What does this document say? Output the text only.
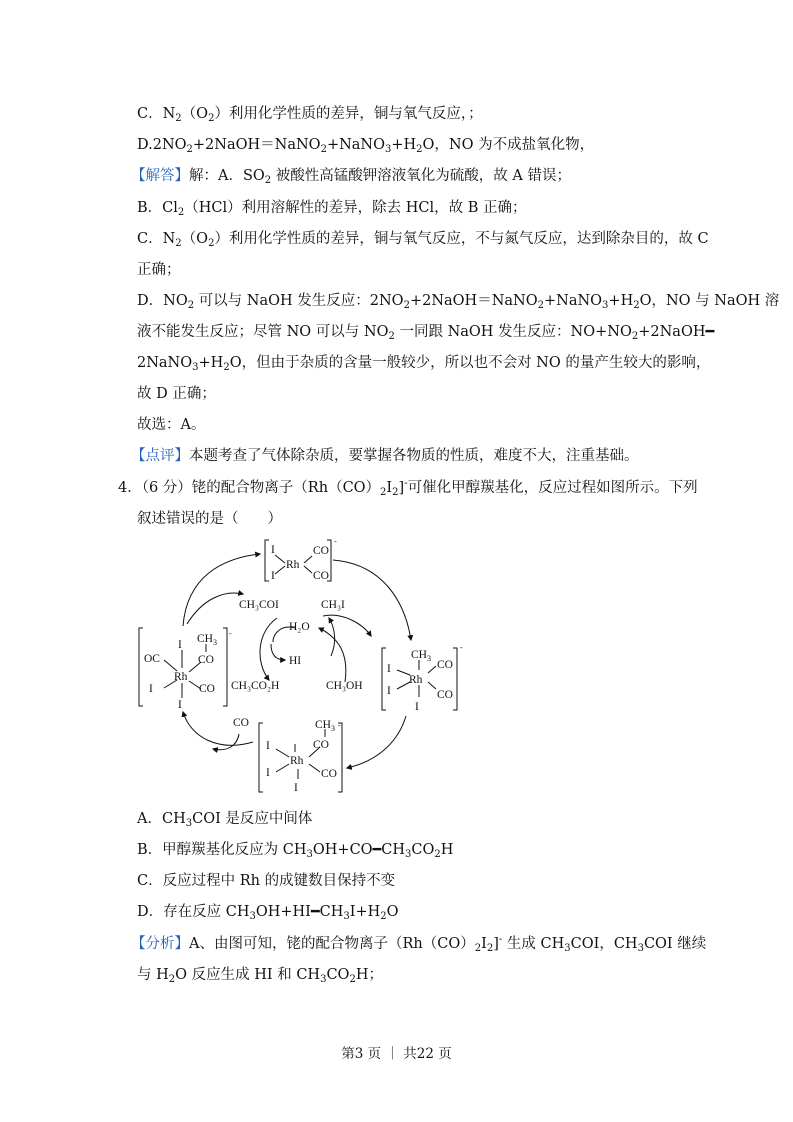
C．$N_2(O_2)$利用化学性质的差异，铜与氧气反应，；
$D.2NO_2+2NaOH=NaNO_2+NaNO_3+H_2O$，NO 为不成盐氧化物，
【解答】解：A．$SO_2$ 被酸性高锰酸钾溶液氧化为硫酸，故 A 错误；
B．$Cl_2(HCl)$利用溶解性的差异，除去 HCl，故 B 正确；
C．$N_2(O_2)$利用化学性质的差异，铜与氧气反应，不与氮气反应，达到除杂目的，故 C
正确；
D．$NO_2$ 可以与 NaOH 发生反应：$2NO_2+2NaOH=NaNO_2+NaNO_3+H_2O$，NO 与 NaOH 溶
液不能发生反应；尽管 NO 可以与 $NO_2$ 一同跟 NaOH 发生反应：$NO+NO_2+2NaOH━$
$2NaNO_3+H_2O$，但由于杂质的含量一般较少，所以也不会对 NO 的量产生较大的影响，
故 D 正确；
故选：A。
【点评】本题考查了气体除杂质，要掌握各物质的性质，难度不大，注重基础。
4．（6 分）铑的配合物离子$(Rh(CO)_2I_2]^-$可催化甲醇羰基化，反应过程如图所示。下列
叙述错误的是（　　）
A．$CH_3COI$ 是反应中间体
B．甲醇羰基化反应为 $CH_3OH+CO━CH_3CO_2H$
C．反应过程中 Rh 的成键数目保持不变
D．存在反应 $CH_3OH+HI━CH_3I+H_2O$
【分析】A、由图可知，铑的配合物离子$(Rh(CO)_2I_2]^-$ 生成 $CH_3COI$，$CH_3COI$ 继续
与 $H_2O$ 反应生成 HI 和 $CH_3CO_2H$；
I
I
Rh
CO
CO
-
CH 3
I
I
Rh
CO
CO
I
-
CH 3 -
CO
I
I
Rh
CO
I
CH 3
-
I
CO
OC
Rh
CO
I
I
CH₃COI	CH₃I
H₂O
HI
CH₃CO₂H	CH₃OH
CO
第3 页 ｜ 共22 页
